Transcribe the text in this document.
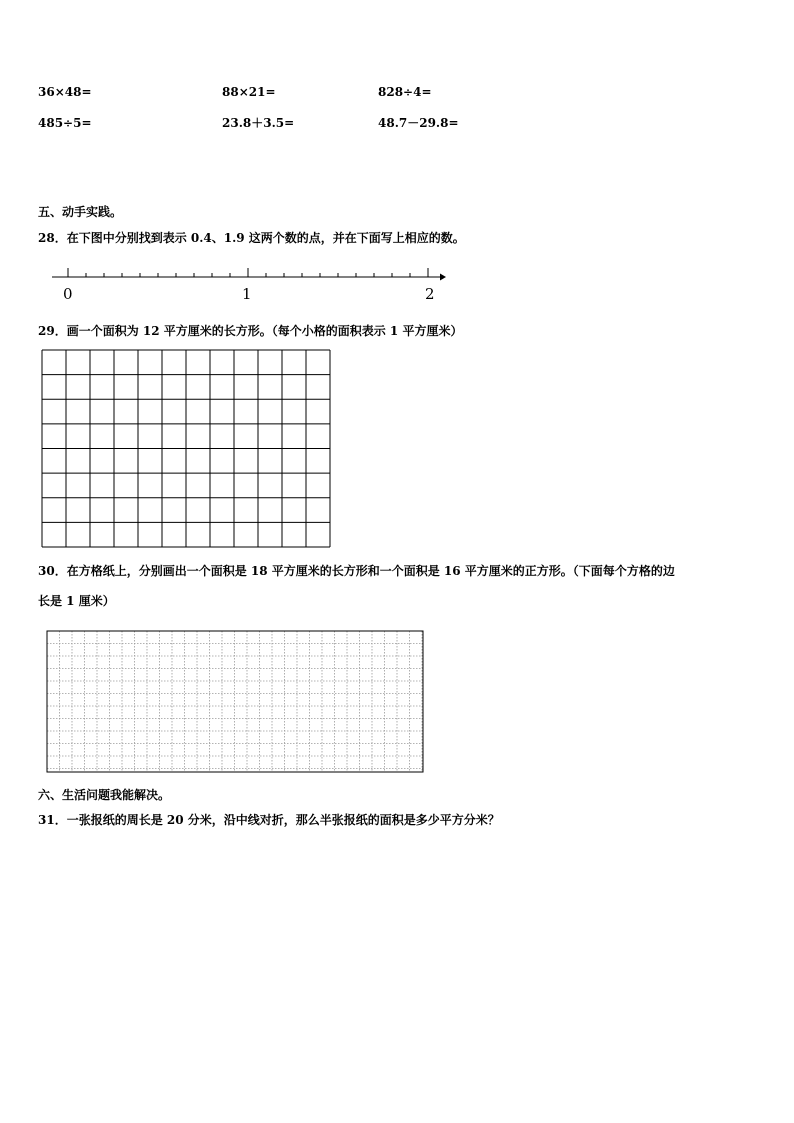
36×48=	88×21=	828÷4=
485÷5=	23.8＋3.5=	48.7－29.8=
五、动手实践。
28．在下图中分别找到表示 0.4、1.9 这两个数的点，并在下面写上相应的数。
0	1	2
29．画一个面积为 12 平方厘米的长方形。（每个小格的面积表示 1 平方厘米）
30．在方格纸上，分别画出一个面积是 18 平方厘米的长方形和一个面积是 16 平方厘米的正方形。（下面每个方格的边
长是 1 厘米）
六、生活问题我能解决。
31．一张报纸的周长是 20 分米，沿中线对折，那么半张报纸的面积是多少平方分米？
